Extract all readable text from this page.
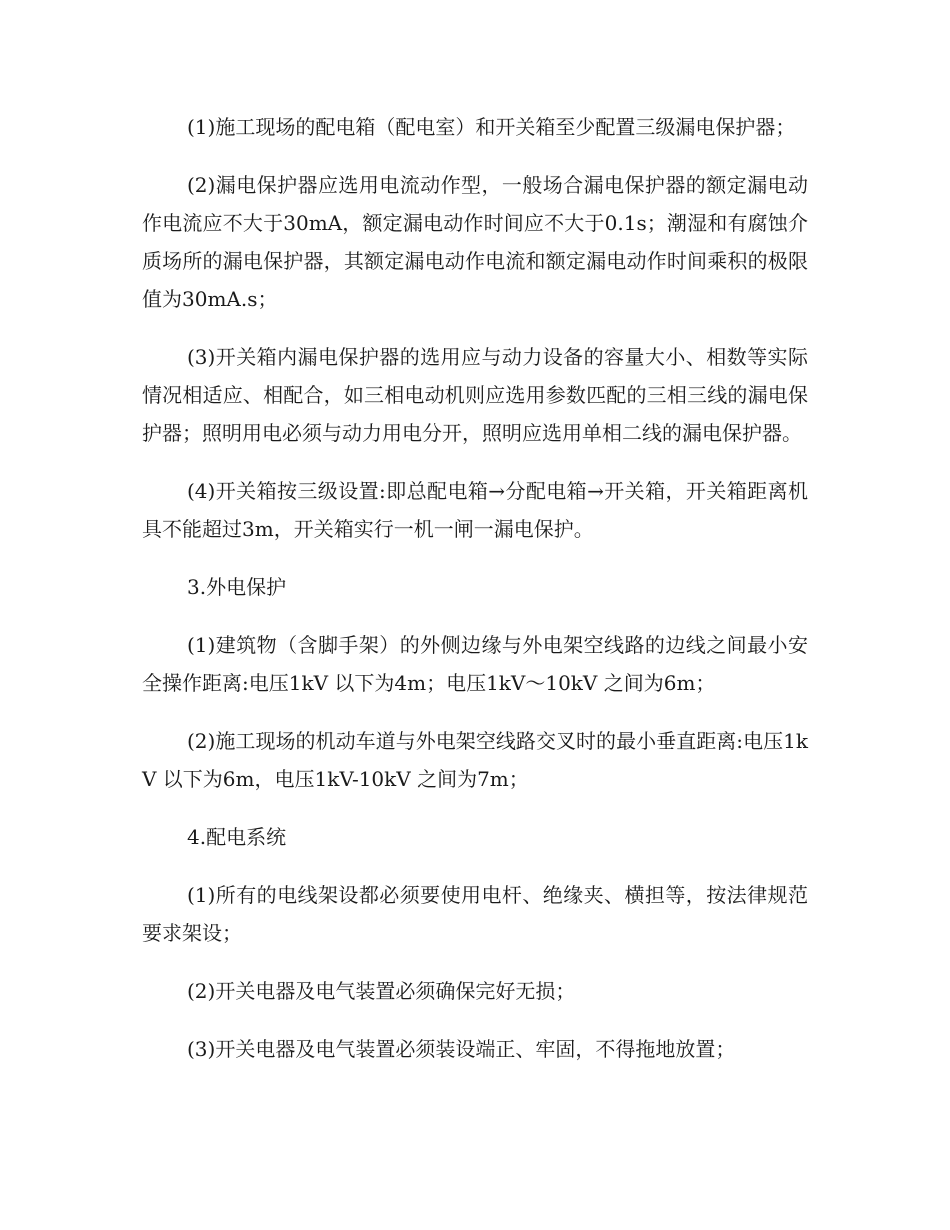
(1)施工现场的配电箱（配电室）和开关箱至少配置三级漏电保护器；

(2)漏电保护器应选用电流动作型，一般场合漏电保护器的额定漏电动作电流应不大于30mA，额定漏电动作时间应不大于0.1s；潮湿和有腐蚀介质场所的漏电保护器，其额定漏电动作电流和额定漏电动作时间乘积的极限值为30mA.s；

(3)开关箱内漏电保护器的选用应与动力设备的容量大小、相数等实际情况相适应、相配合，如三相电动机则应选用参数匹配的三相三线的漏电保护器；照明用电必须与动力用电分开，照明应选用单相二线的漏电保护器。

(4)开关箱按三级设置:即总配电箱→分配电箱→开关箱，开关箱距离机具不能超过3m，开关箱实行一机一闸一漏电保护。

3.外电保护

(1)建筑物（含脚手架）的外侧边缘与外电架空线路的边线之间最小安全操作距离:电压1kV 以下为4m；电压1kV～10kV 之间为6m；

(2)施工现场的机动车道与外电架空线路交叉时的最小垂直距离:电压1kV 以下为6m，电压1kV-10kV 之间为7m；

4.配电系统

(1)所有的电线架设都必须要使用电杆、绝缘夹、横担等，按法律规范要求架设；

(2)开关电器及电气装置必须确保完好无损；

(3)开关电器及电气装置必须装设端正、牢固，不得拖地放置；
